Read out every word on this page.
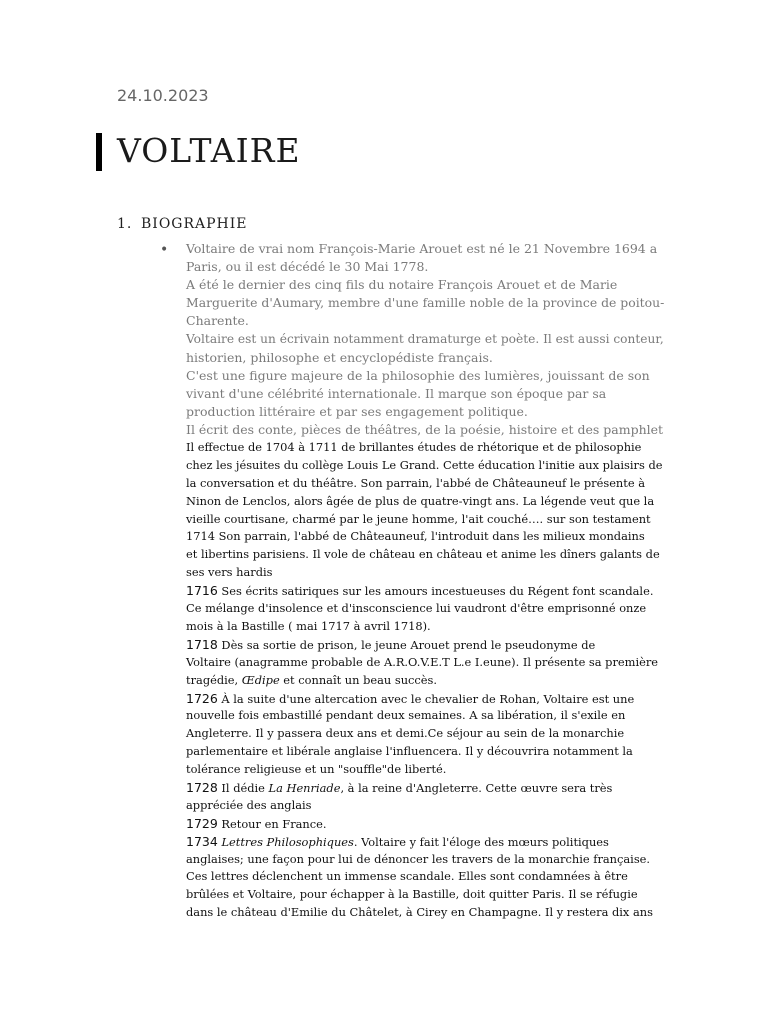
24.10.2023
VOLTAIRE
1. BIOGRAPHIE
• Voltaire de vrai nom François-Marie Arouet est né le 21 Novembre 1694 a
Paris, ou il est décédé le 30 Mai 1778.
A été le dernier des cinq fils du notaire François Arouet et de Marie
Marguerite d'Aumary, membre d'une famille noble de la province de poitou-
Charente.
Voltaire est un écrivain notamment dramaturge et poète. Il est aussi conteur,
historien, philosophe et encyclopédiste français.
C'est une figure majeure de la philosophie des lumières, jouissant de son
vivant d'une célébrité internationale. Il marque son époque par sa
production littéraire et par ses engagement politique.
Il écrit des conte, pièces de théâtres, de la poésie, histoire et des pamphlet
Il effectue de 1704 à 1711 de brillantes études de rhétorique et de philosophie
chez les jésuites du collège Louis Le Grand. Cette éducation l'initie aux plaisirs de
la conversation et du théâtre. Son parrain, l'abbé de Châteauneuf le présente à
Ninon de Lenclos, alors âgée de plus de quatre-vingt ans. La légende veut que la
vieille courtisane, charmé par le jeune homme, l'ait couché…. sur son testament
1714 Son parrain, l'abbé de Châteauneuf, l'introduit dans les milieux mondains
et libertins parisiens. Il vole de château en château et anime les dîners galants de
ses vers hardis
1716 Ses écrits satiriques sur les amours incestueuses du Régent font scandale.
Ce mélange d'insolence et d'insconscience lui vaudront d'être emprisonné onze
mois à la Bastille ( mai 1717 à avril 1718).
1718 Dès sa sortie de prison, le jeune Arouet prend le pseudonyme de
Voltaire (anagramme probable de A.R.O.V.E.T L.e I.eune). Il présente sa première
tragédie, Œdipe et connaît un beau succès.
1726 À la suite d'une altercation avec le chevalier de Rohan, Voltaire est une
nouvelle fois embastillé pendant deux semaines. A sa libération, il s'exile en
Angleterre. Il y passera deux ans et demi.Ce séjour au sein de la monarchie
parlementaire et libérale anglaise l'influencera. Il y découvrira notamment la
tolérance religieuse et un "souffle"de liberté.
1728 Il dédie La Henriade, à la reine d'Angleterre. Cette œuvre sera très
appréciée des anglais
1729 Retour en France.
1734 Lettres Philosophiques. Voltaire y fait l'éloge des mœurs politiques
anglaises; une façon pour lui de dénoncer les travers de la monarchie française.
Ces lettres déclenchent un immense scandale. Elles sont condamnées à être
brûlées et Voltaire, pour échapper à la Bastille, doit quitter Paris. Il se réfugie
dans le château d'Emilie du Châtelet, à Cirey en Champagne. Il y restera dix ans
